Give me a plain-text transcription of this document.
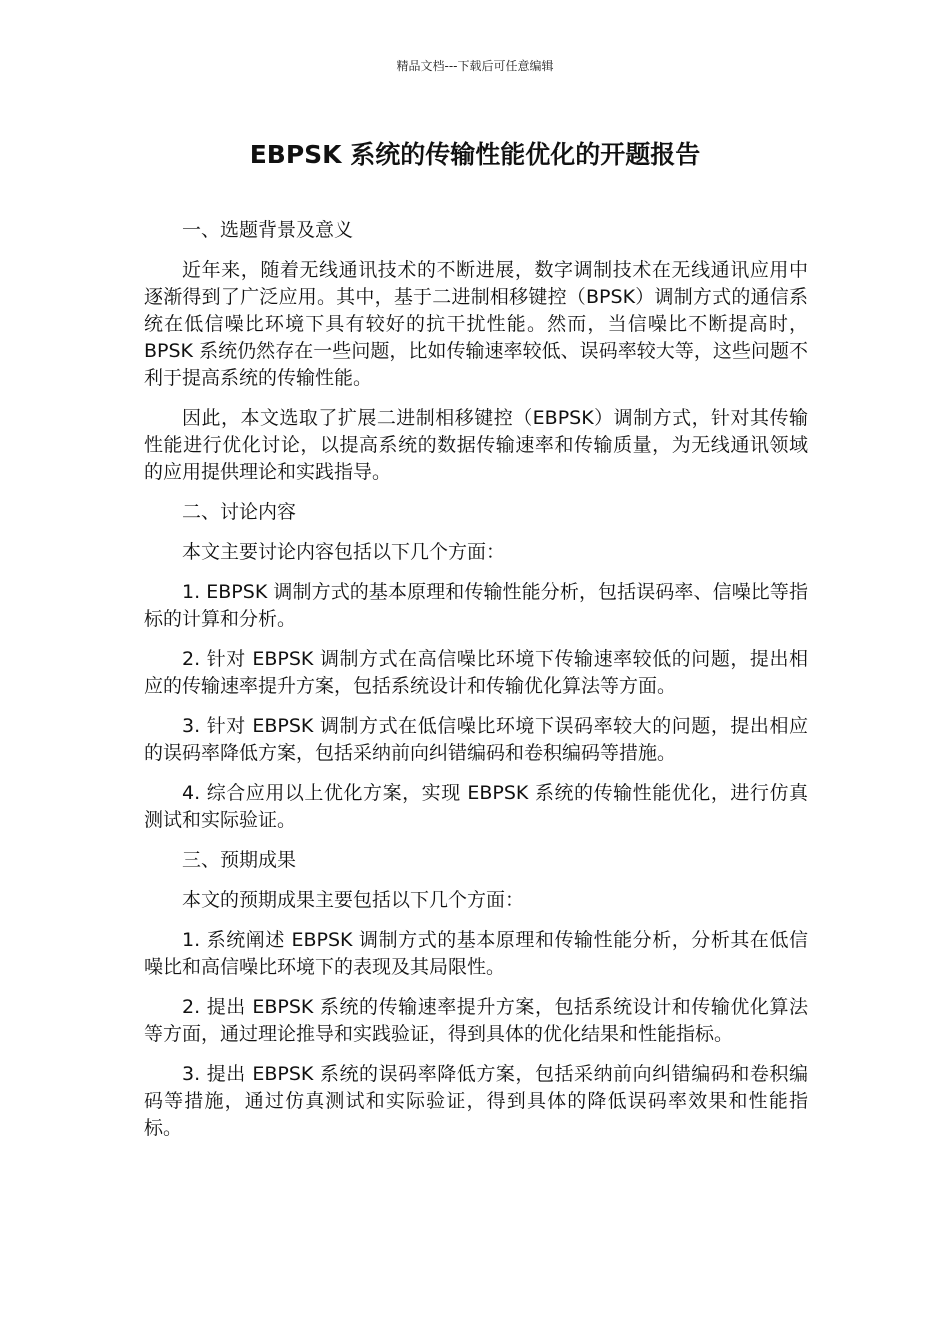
精品文档---下载后可任意编辑
EBPSK 系统的传输性能优化的开题报告

一、选题背景及意义

近年来，随着无线通讯技术的不断进展，数字调制技术在无线通讯应用中逐渐得到了广泛应用。其中，基于二进制相移键控（BPSK）调制方式的通信系统在低信噪比环境下具有较好的抗干扰性能。然而，当信噪比不断提高时，BPSK 系统仍然存在一些问题，比如传输速率较低、误码率较大等，这些问题不利于提高系统的传输性能。

因此，本文选取了扩展二进制相移键控（EBPSK）调制方式，针对其传输性能进行优化讨论，以提高系统的数据传输速率和传输质量，为无线通讯领域的应用提供理论和实践指导。

二、讨论内容

本文主要讨论内容包括以下几个方面：

1. EBPSK 调制方式的基本原理和传输性能分析，包括误码率、信噪比等指标的计算和分析。

2. 针对 EBPSK 调制方式在高信噪比环境下传输速率较低的问题，提出相应的传输速率提升方案，包括系统设计和传输优化算法等方面。

3. 针对 EBPSK 调制方式在低信噪比环境下误码率较大的问题，提出相应的误码率降低方案，包括采纳前向纠错编码和卷积编码等措施。

4. 综合应用以上优化方案，实现 EBPSK 系统的传输性能优化，进行仿真测试和实际验证。

三、预期成果

本文的预期成果主要包括以下几个方面：

1. 系统阐述 EBPSK 调制方式的基本原理和传输性能分析，分析其在低信噪比和高信噪比环境下的表现及其局限性。

2. 提出 EBPSK 系统的传输速率提升方案，包括系统设计和传输优化算法等方面，通过理论推导和实践验证，得到具体的优化结果和性能指标。

3. 提出 EBPSK 系统的误码率降低方案，包括采纳前向纠错编码和卷积编码等措施，通过仿真测试和实际验证，得到具体的降低误码率效果和性能指标。
